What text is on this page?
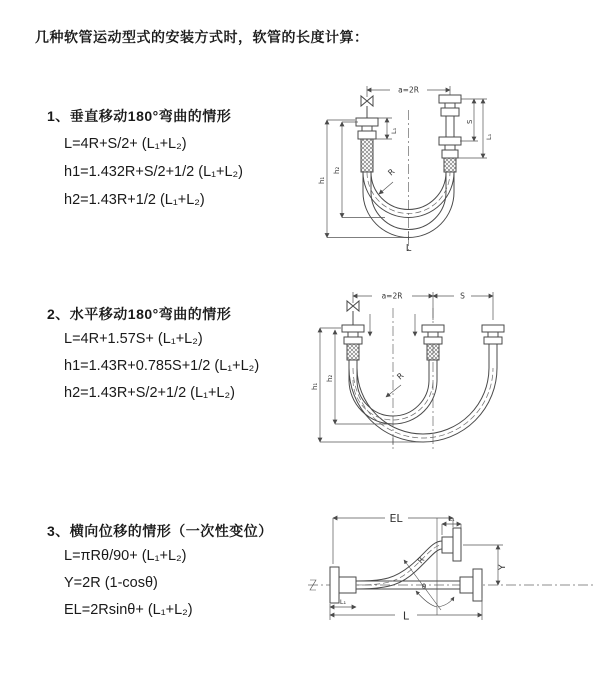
几种软管运动型式的安装方式时，软管的长度计算：
1、垂直移动180°弯曲的情形
L=4R+S/2+ (L₁+L₂)
h1=1.432R+S/2+1/2 (L₁+L₂)
h2=1.43R+1/2 (L₁+L₂)
2、水平移动180°弯曲的情形
L=4R+1.57S+ (L₁+L₂)
h1=1.43R+0.785S+1/2 (L₁+L₂)
h2=1.43R+S/2+1/2 (L₁+L₂)
3、横向位移的情形（一次性变位）
L=πRθ/90+ (L₁+L₂)
Y=2R (1-cosθ)
EL=2Rsinθ+ (L₁+L₂)
a=2R
h₁
h₂
L₁
S
L₁
R
L
a=2R	S
h₁
h₂	R
EL	L₁
Y
θ
R
L₁
L
